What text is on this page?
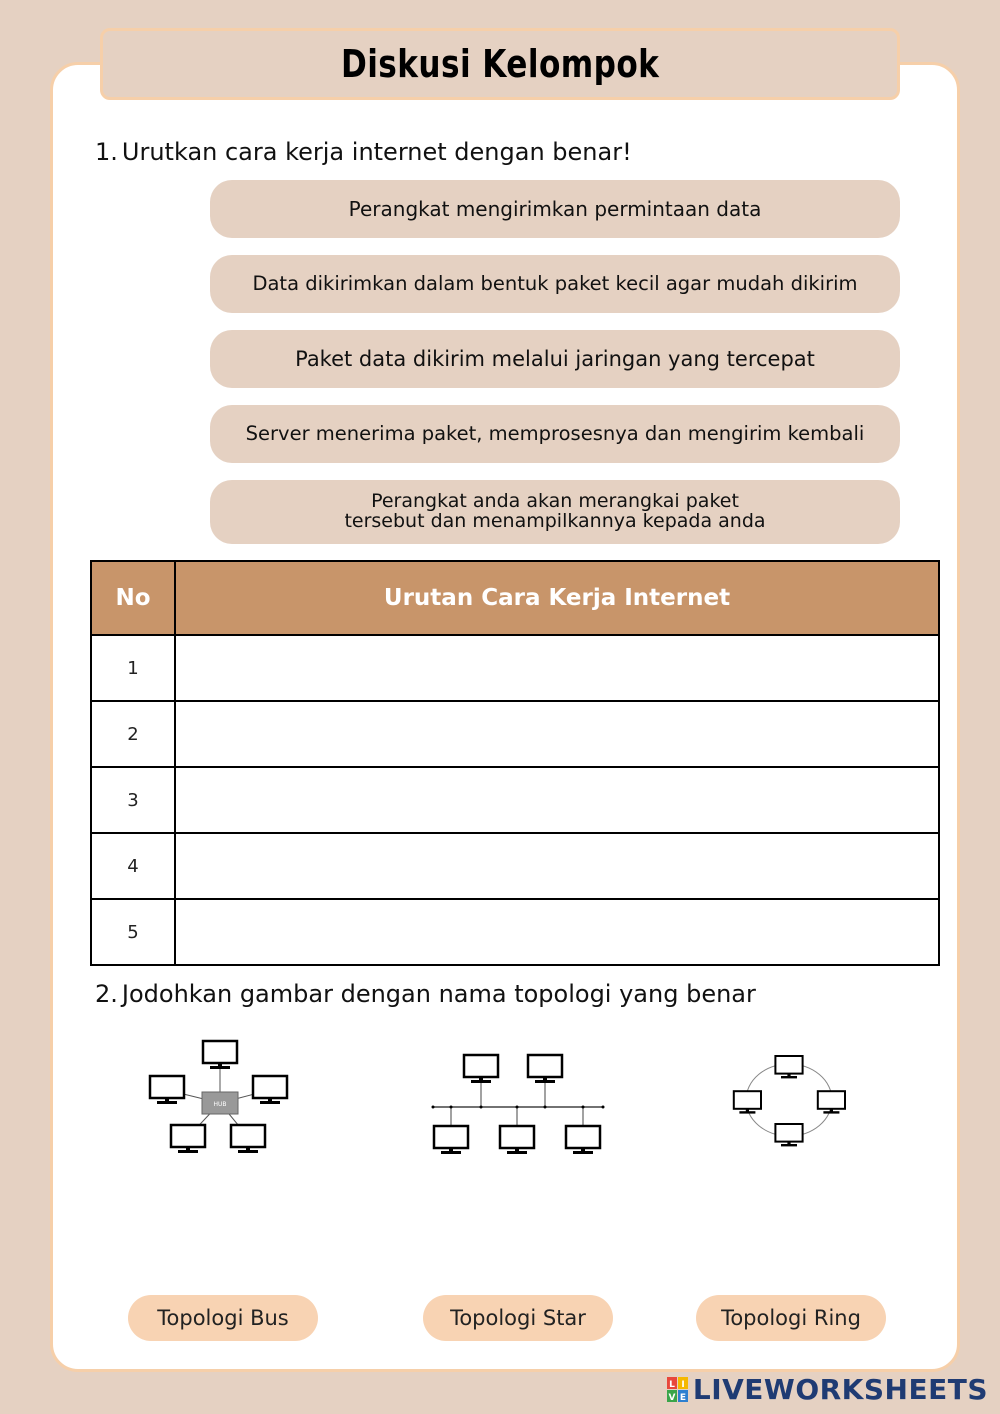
Diskusi Kelompok
1. Urutkan cara kerja internet dengan benar!
Perangkat mengirimkan permintaan data
Data dikirimkan dalam bentuk paket kecil agar mudah dikirim
Paket data dikirim melalui jaringan yang tercepat
Server menerima paket, memprosesnya dan mengirim kembali
Perangkat anda akan merangkai paket tersebut dan menampilkannya kepada anda
No	Urutan Cara Kerja Internet
1	
2	
3	
4	
5	
2. Jodohkan gambar dengan nama topologi yang benar
HUB
Topologi Bus	Topologi Star	Topologi Ring
L I
V E LIVEWORKSHEETS
